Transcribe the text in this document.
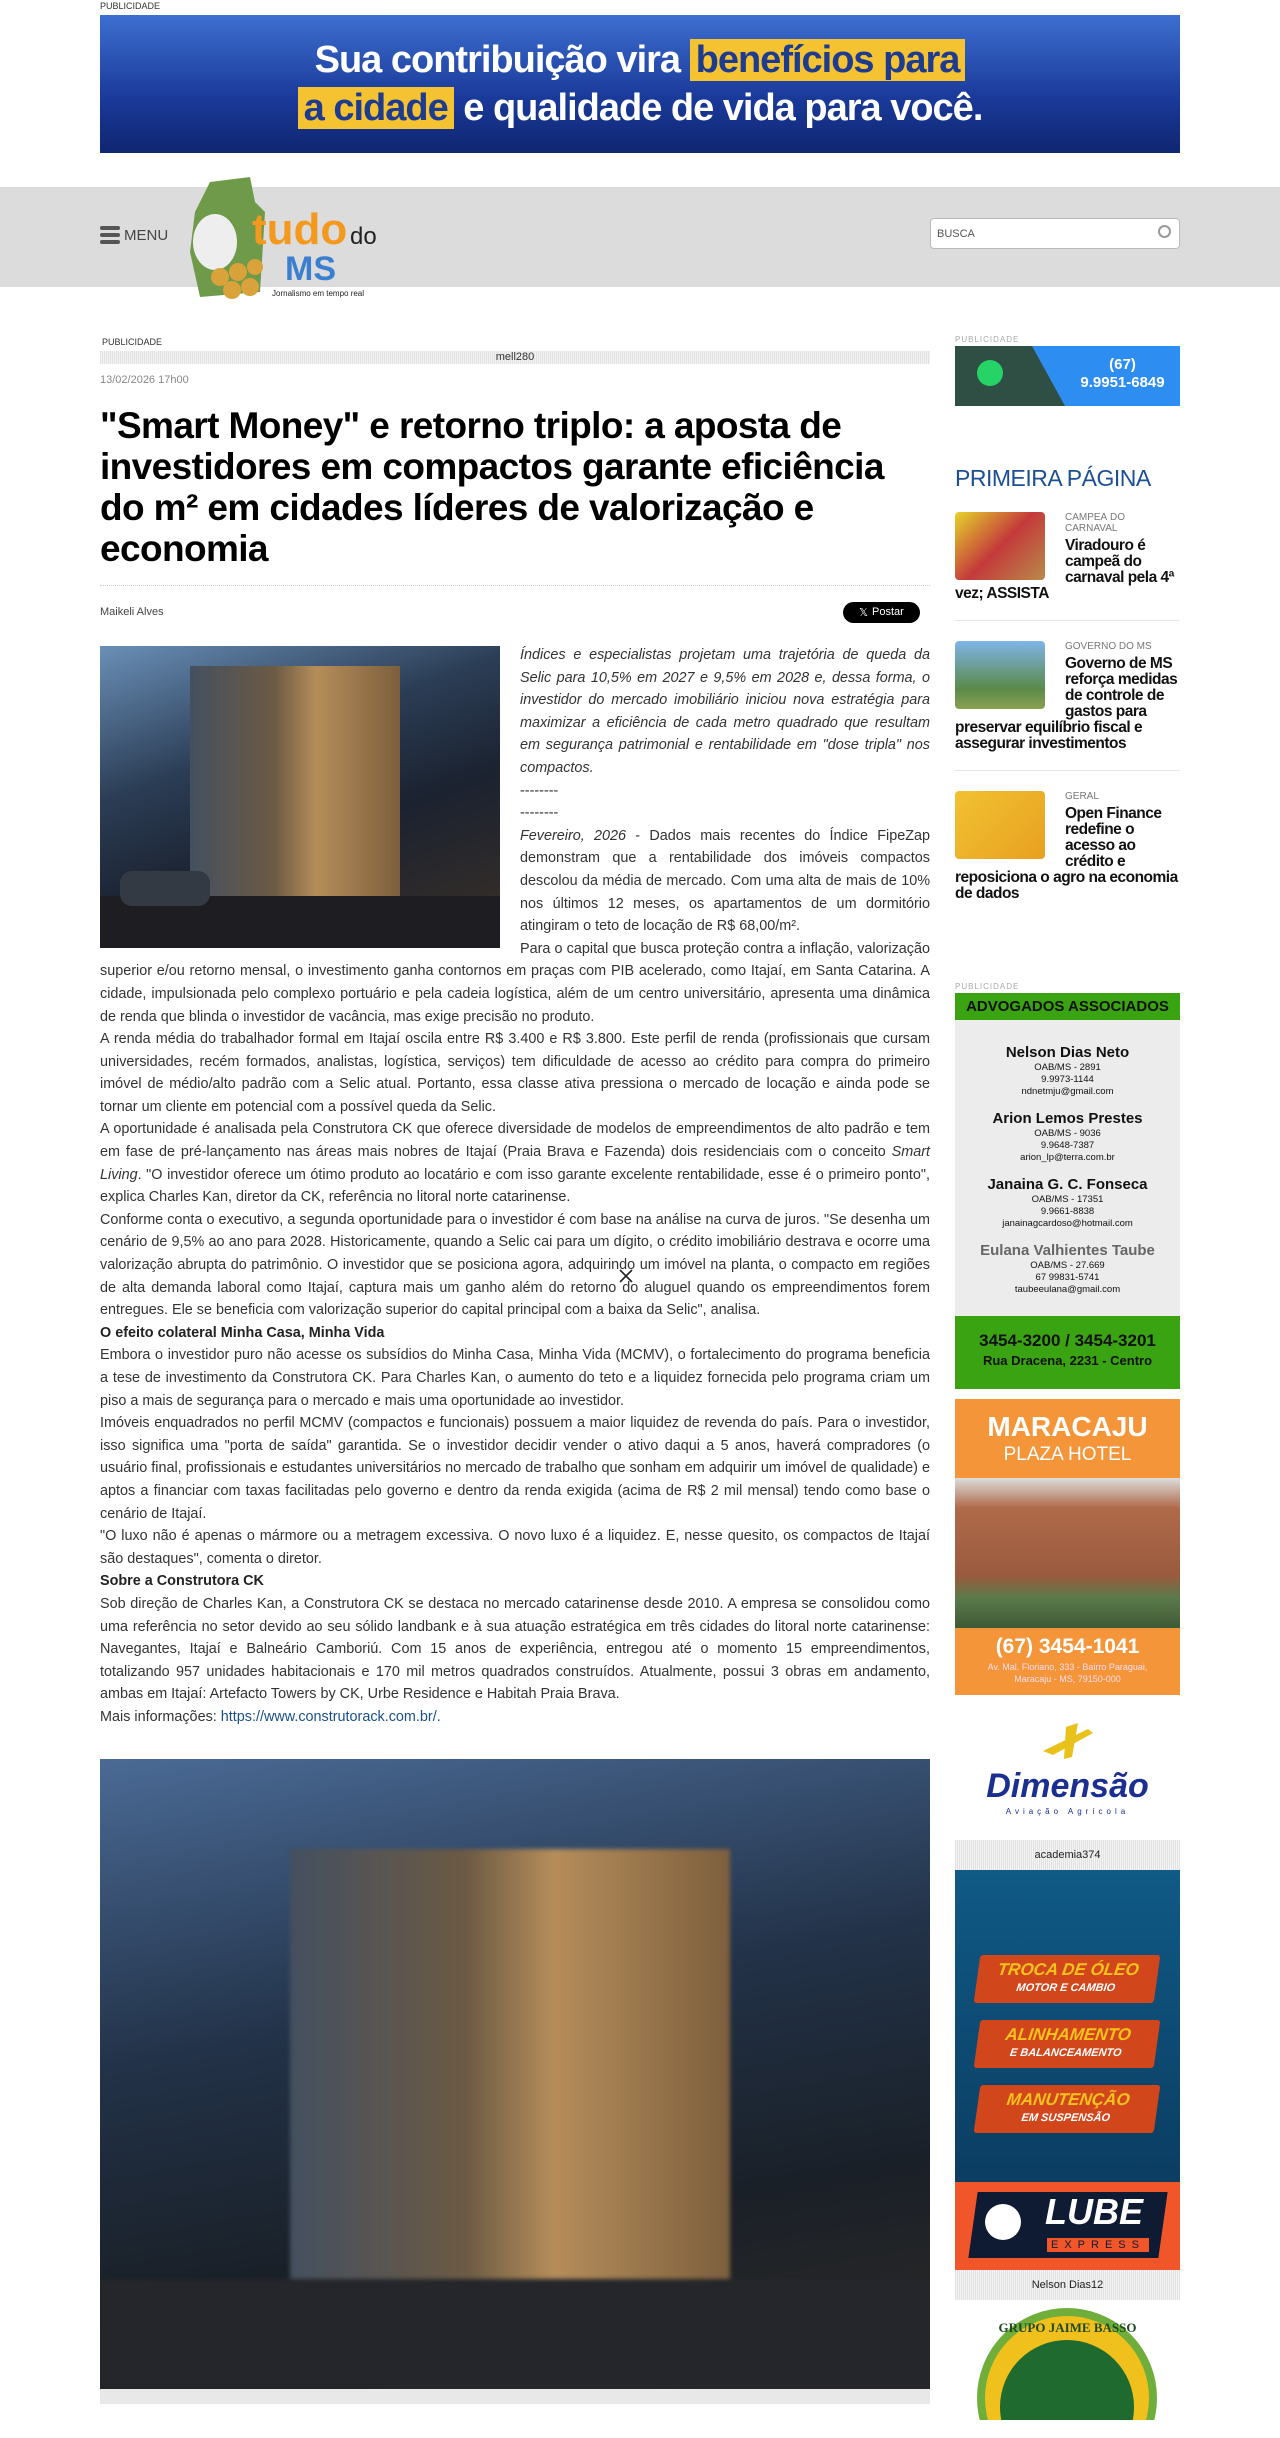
PUBLICIDADE
Sua contribuição vira benefícios para
a cidade e qualidade de vida para você.
MENU tudo do
MS
Jornalismo em tempo real
BUSCA
PUBLICIDADE
mell280
13/02/2026 17h00
"Smart Money" e retorno triplo: a aposta de investidores em compactos garante eficiência do m² em cidades líderes de valorização e economia
Maikeli Alves	𝕏 Postar

Índices e especialistas projetam uma trajetória de queda da Selic para 10,5% em 2027 e 9,5% em 2028 e, dessa forma, o investidor do mercado imobiliário iniciou nova estratégia para maximizar a eficiência de cada metro quadrado que resultam em segurança patrimonial e rentabilidade em "dose tripla" nos compactos.

--------

--------

Fevereiro, 2026 - Dados mais recentes do Índice FipeZap demonstram que a rentabilidade dos imóveis compactos descolou da média de mercado. Com uma alta de mais de 10% nos últimos 12 meses, os apartamentos de um dormitório atingiram o teto de locação de R$ 68,00/m².

Para o capital que busca proteção contra a inflação, valorização superior e/ou retorno mensal, o investimento ganha contornos em praças com PIB acelerado, como Itajaí, em Santa Catarina. A cidade, impulsionada pelo complexo portuário e pela cadeia logística, além de um centro universitário, apresenta uma dinâmica de renda que blinda o investidor de vacância, mas exige precisão no produto.

A renda média do trabalhador formal em Itajaí oscila entre R$ 3.400 e R$ 3.800. Este perfil de renda (profissionais que cursam universidades, recém formados, analistas, logística, serviços) tem dificuldade de acesso ao crédito para compra do primeiro imóvel de médio/alto padrão com a Selic atual. Portanto, essa classe ativa pressiona o mercado de locação e ainda pode se tornar um cliente em potencial com a possível queda da Selic.

A oportunidade é analisada pela Construtora CK que oferece diversidade de modelos de empreendimentos de alto padrão e tem em fase de pré-lançamento nas áreas mais nobres de Itajaí (Praia Brava e Fazenda) dois residenciais com o conceito Smart Living. "O investidor oferece um ótimo produto ao locatário e com isso garante excelente rentabilidade, esse é o primeiro ponto", explica Charles Kan, diretor da CK, referência no litoral norte catarinense.

Conforme conta o executivo, a segunda oportunidade para o investidor é com base na análise na curva de juros. "Se desenha um cenário de 9,5% ao ano para 2028. Historicamente, quando a Selic cai para um dígito, o crédito imobiliário destrava e ocorre uma valorização abrupta do patrimônio. O investidor que se posiciona agora, adquirindo um imóvel na planta, o compacto em regiões de alta demanda laboral como Itajaí, captura mais um ganho além do retorno do aluguel quando os empreendimentos forem entregues. Ele se beneficia com valorização superior do capital principal com a baixa da Selic", analisa.

O efeito colateral Minha Casa, Minha Vida

Embora o investidor puro não acesse os subsídios do Minha Casa, Minha Vida (MCMV), o fortalecimento do programa beneficia a tese de investimento da Construtora CK. Para Charles Kan, o aumento do teto e a liquidez fornecida pelo programa criam um piso a mais de segurança para o mercado e mais uma oportunidade ao investidor.

Imóveis enquadrados no perfil MCMV (compactos e funcionais) possuem a maior liquidez de revenda do país. Para o investidor, isso significa uma "porta de saída" garantida. Se o investidor decidir vender o ativo daqui a 5 anos, haverá compradores (o usuário final, profissionais e estudantes universitários no mercado de trabalho que sonham em adquirir um imóvel de qualidade) e aptos a financiar com taxas facilitadas pelo governo e dentro da renda exigida (acima de R$ 2 mil mensal) tendo como base o cenário de Itajaí.

"O luxo não é apenas o mármore ou a metragem excessiva. O novo luxo é a liquidez. E, nesse quesito, os compactos de Itajaí são destaques", comenta o diretor.

Sobre a Construtora CK

Sob direção de Charles Kan, a Construtora CK se destaca no mercado catarinense desde 2010. A empresa se consolidou como uma referência no setor devido ao seu sólido landbank e à sua atuação estratégica em três cidades do litoral norte catarinense: Navegantes, Itajaí e Balneário Camboriú. Com 15 anos de experiência, entregou até o momento 15 empreendimentos, totalizando 957 unidades habitacionais e 170 mil metros quadrados construídos. Atualmente, possui 3 obras em andamento, ambas em Itajaí: Artefacto Towers by CK, Urbe Residence e Habitah Praia Brava.

Mais informações: https://www.construtorack.com.br/.

PUBLICIDADE
(67)
9.9951-6849
PRIMEIRA PÁGINA
CAMPEÃ DO CARNAVAL
Viradouro é campeã do carnaval pela 4ª vez; ASSISTA
GOVERNO DO MS
Governo de MS reforça medidas de controle de gastos para preservar equilíbrio fiscal e assegurar investimentos
GERAL
Open Finance redefine o acesso ao crédito e reposiciona o agro na economia de dados
PUBLICIDADE
ADVOGADOS ASSOCIADOS
Nelson Dias Neto
OAB/MS - 2891
9.9973-1144
ndnetmju@gmail.com
Arion Lemos Prestes
OAB/MS - 9036
9.9648-7387
arion_lp@terra.com.br
Janaina G. C. Fonseca
OAB/MS - 17351
9.9661-8838
janainagcardoso@hotmail.com
Eulana Valhientes Taube
OAB/MS - 27.669
67 99831-5741
taubeeulana@gmail.com
3454-3200 / 3454-3201
Rua Dracena, 2231 - Centro
MARACAJU
PLAZA HOTEL
(67) 3454-1041
Av. Mal. Floriano, 333 - Bairro Paraguai, Maracaju - MS, 79150-000
Dimensão
Aviação Agrícola
academia374
TROCA DE ÓLEO
MOTOR E CAMBIO
ALINHAMENTO
E BALANCEAMENTO
MANUTENÇÃO
EM SUSPENSÃO
LUBE
EXPRESS
Nelson Dias12
GRUPO JAIME BASSO
